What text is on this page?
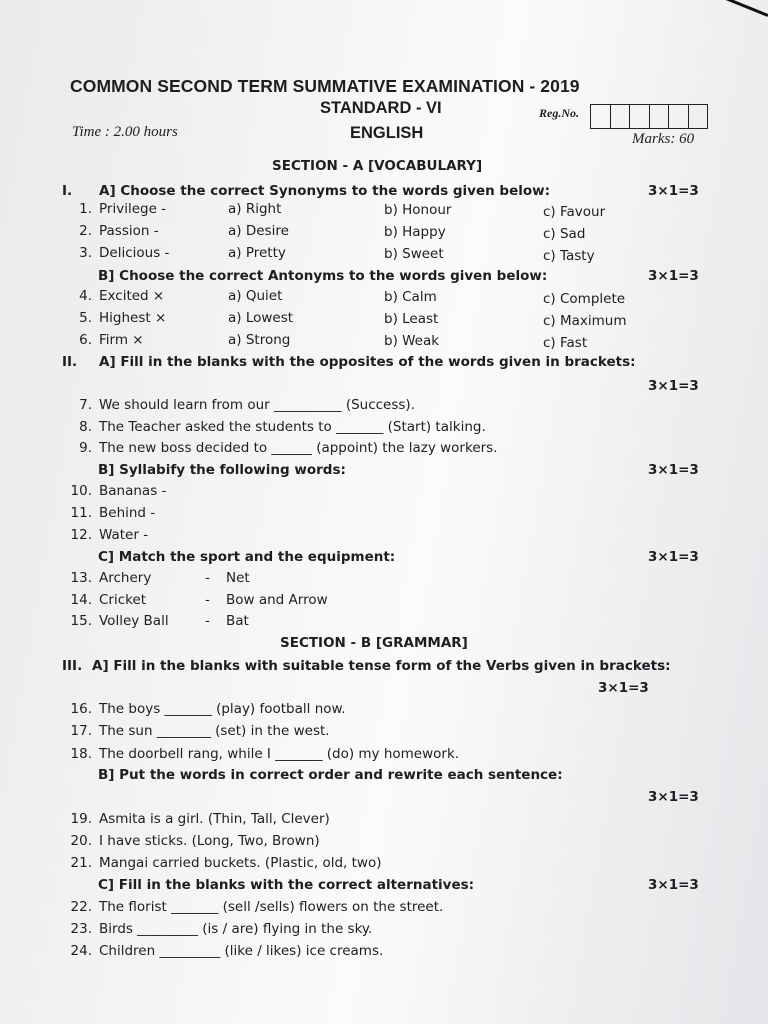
COMMON SECOND TERM SUMMATIVE EXAMINATION - 2019
STANDARD - VI	Reg.No.
Time : 2.00 hours	ENGLISH	Marks: 60
SECTION - A [VOCABULARY]
I. A] Choose the correct Synonyms to the words given below:	3×1=3
1. Privilege -	a) Right	b) Honour	c) Favour
2. Passion -	a) Desire	b) Happy	c) Sad
3. Delicious -	a) Pretty	b) Sweet	c) Tasty
B] Choose the correct Antonyms to the words given below:	3×1=3
4. Excited ×	a) Quiet	b) Calm	c) Complete
5. Highest ×	a) Lowest	b) Least	c) Maximum
6. Firm ×	a) Strong	b) Weak	c) Fast
II. A] Fill in the blanks with the opposites of the words given in brackets:
3×1=3
7. We should learn from our __________ (Success).
8. The Teacher asked the students to _______ (Start) talking.
9. The new boss decided to ______ (appoint) the lazy workers.
B] Syllabify the following words:	3×1=3
10. Bananas -
11. Behind -
12. Water -
C] Match the sport and the equipment:	3×1=3
13. Archery	- Net
14. Cricket	- Bow and Arrow
15. Volley Ball	- Bat
SECTION - B [GRAMMAR]
III. A] Fill in the blanks with suitable tense form of the Verbs given in brackets:
3×1=3
16. The boys _______ (play) football now.
17. The sun ________ (set) in the west.
18. The doorbell rang, while I _______ (do) my homework.
B] Put the words in correct order and rewrite each sentence:
3×1=3
19. Asmita is a girl. (Thin, Tall, Clever)
20. I have sticks. (Long, Two, Brown)
21. Mangai carried buckets. (Plastic, old, two)
C] Fill in the blanks with the correct alternatives:	3×1=3
22. The florist _______ (sell /sells) flowers on the street.
23. Birds _________ (is / are) flying in the sky.
24. Children _________ (like / likes) ice creams.
